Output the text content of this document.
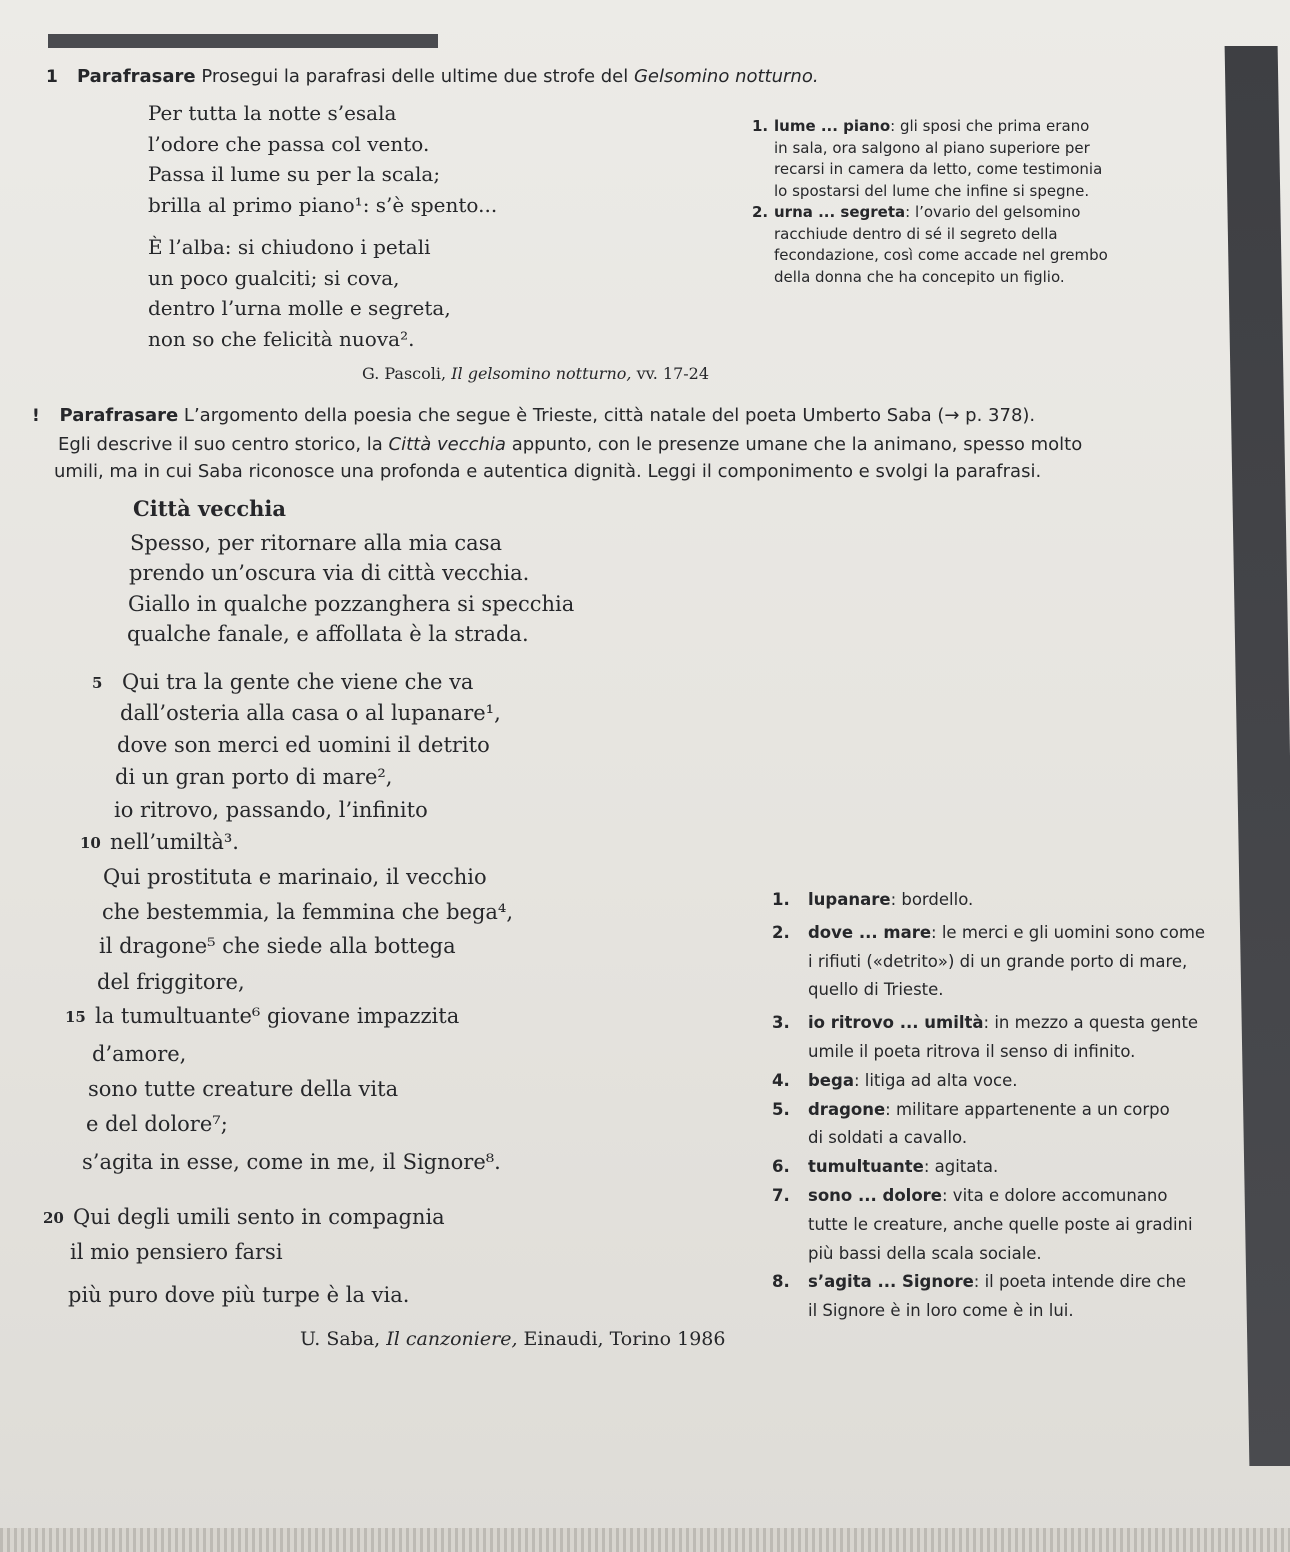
1 Parafrasare Prosegui la parafrasi delle ultime due strofe del Gelsomino notturno.
Per tutta la notte s’esala
l’odore che passa col vento.
Passa il lume su per la scala;
brilla al primo piano¹: s’è spento...
È l’alba: si chiudono i petali
un poco gualciti; si cova,
dentro l’urna molle e segreta,
non so che felicità nuova².
1. lume ... piano: gli sposi che prima erano
in sala, ora salgono al piano superiore per
recarsi in camera da letto, come testimonia
lo spostarsi del lume che infine si spegne.
2. urna ... segreta: l’ovario del gelsomino
racchiude dentro di sé il segreto della
fecondazione, così come accade nel grembo
della donna che ha concepito un figlio.
G. Pascoli, Il gelsomino notturno, vv. 17-24
! Parafrasare L’argomento della poesia che segue è Trieste, città natale del poeta Umberto Saba (→ p. 378).
Egli descrive il suo centro storico, la Città vecchia appunto, con le presenze umane che la animano, spesso molto
umili, ma in cui Saba riconosce una profonda e autentica dignità. Leggi il componimento e svolgi la parafrasi.
Città vecchia
Spesso, per ritornare alla mia casa
prendo un’oscura via di città vecchia.
Giallo in qualche pozzanghera si specchia
qualche fanale, e affollata è la strada.
5 Qui tra la gente che viene che va
dall’osteria alla casa o al lupanare¹,
dove son merci ed uomini il detrito
di un gran porto di mare²,
io ritrovo, passando, l’infinito
10 nell’umiltà³.
Qui prostituta e marinaio, il vecchio
che bestemmia, la femmina che bega⁴,
il dragone⁵ che siede alla bottega
del friggitore,
15 la tumultuante⁶ giovane impazzita
d’amore,
sono tutte creature della vita
e del dolore⁷;
s’agita in esse, come in me, il Signore⁸.
20 Qui degli umili sento in compagnia
il mio pensiero farsi
più puro dove più turpe è la via.
1.	lupanare: bordello.
2.	dove ... mare: le merci e gli uomini sono come
i rifiuti («detrito») di un grande porto di mare,
quello di Trieste.
3.	io ritrovo ... umiltà: in mezzo a questa gente
umile il poeta ritrova il senso di infinito.
4.	bega: litiga ad alta voce.
5.	dragone: militare appartenente a un corpo
di soldati a cavallo.
6.	tumultuante: agitata.
7.	sono ... dolore: vita e dolore accomunano
tutte le creature, anche quelle poste ai gradini
più bassi della scala sociale.
8.	s’agita ... Signore: il poeta intende dire che
il Signore è in loro come è in lui.
U. Saba, Il canzoniere, Einaudi, Torino 1986
